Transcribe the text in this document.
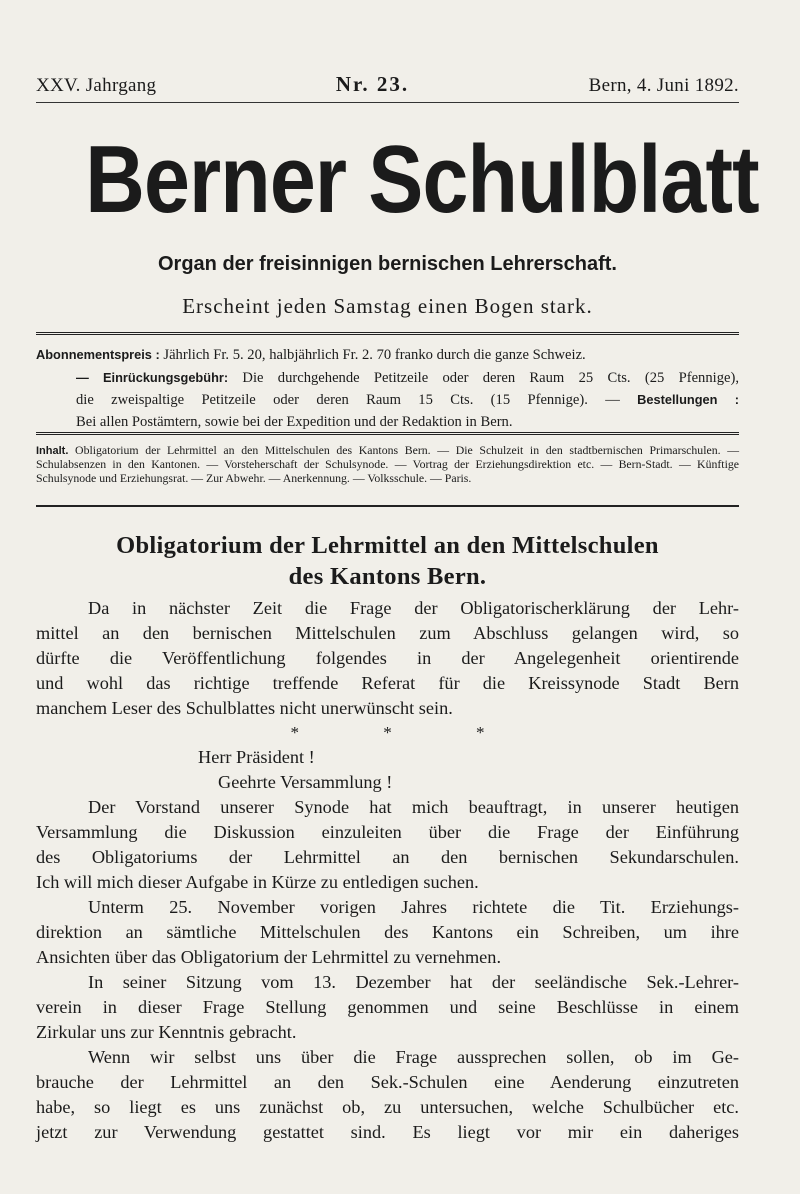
XXV. Jahrgang	Nr. 23.	Bern, 4. Juni 1892.
Berner Schulblatt
Organ der freisinnigen bernischen Lehrerschaft.
Erscheint jeden Samstag einen Bogen stark.
Abonnementspreis : Jährlich Fr. 5. 20, halbjährlich Fr. 2. 70 franko durch die ganze Schweiz.
— Einrückungsgebühr: Die durchgehende Petitzeile oder deren Raum 25 Cts. (25 Pfennige),
die zweispaltige Petitzeile oder deren Raum 15 Cts. (15 Pfennige). — Bestellungen :
Bei allen Postämtern, sowie bei der Expedition und der Redaktion in Bern.
Inhalt. Obligatorium der Lehrmittel an den Mittelschulen des Kantons Bern. — Die Schulzeit in den stadtbernischen Primarschulen. — Schulabsenzen in den Kantonen. — Vorsteherschaft der Schulsynode. — Vortrag der Erziehungsdirektion etc. — Bern-Stadt. — Künftige Schulsynode und Erziehungsrat. — Zur Abwehr. — Anerkennung. — Volksschule. — Paris.
Obligatorium der Lehrmittel an den Mittelschulen
des Kantons Bern.

Da in nächster Zeit die Frage der Obligatorischerklärung der Lehr-
mittel an den bernischen Mittelschulen zum Abschluss gelangen wird, so
dürfte die Veröffentlichung folgendes in der Angelegenheit orientirende
und wohl das richtige treffende Referat für die Kreissynode Stadt Bern
manchem Leser des Schulblattes nicht unerwünscht sein.

* * *
Herr Präsident !
Geehrte Versammlung !

Der Vorstand unserer Synode hat mich beauftragt, in unserer heutigen
Versammlung die Diskussion einzuleiten über die Frage der Einführung
des Obligatoriums der Lehrmittel an den bernischen Sekundarschulen.
Ich will mich dieser Aufgabe in Kürze zu entledigen suchen.

Unterm 25. November vorigen Jahres richtete die Tit. Erziehungs-
direktion an sämtliche Mittelschulen des Kantons ein Schreiben, um ihre
Ansichten über das Obligatorium der Lehrmittel zu vernehmen.

In seiner Sitzung vom 13. Dezember hat der seeländische Sek.-Lehrer-
verein in dieser Frage Stellung genommen und seine Beschlüsse in einem
Zirkular uns zur Kenntnis gebracht.

Wenn wir selbst uns über die Frage aussprechen sollen, ob im Ge-
brauche der Lehrmittel an den Sek.-Schulen eine Aenderung einzutreten
habe, so liegt es uns zunächst ob, zu untersuchen, welche Schulbücher etc.
jetzt zur Verwendung gestattet sind. Es liegt vor mir ein daheriges
